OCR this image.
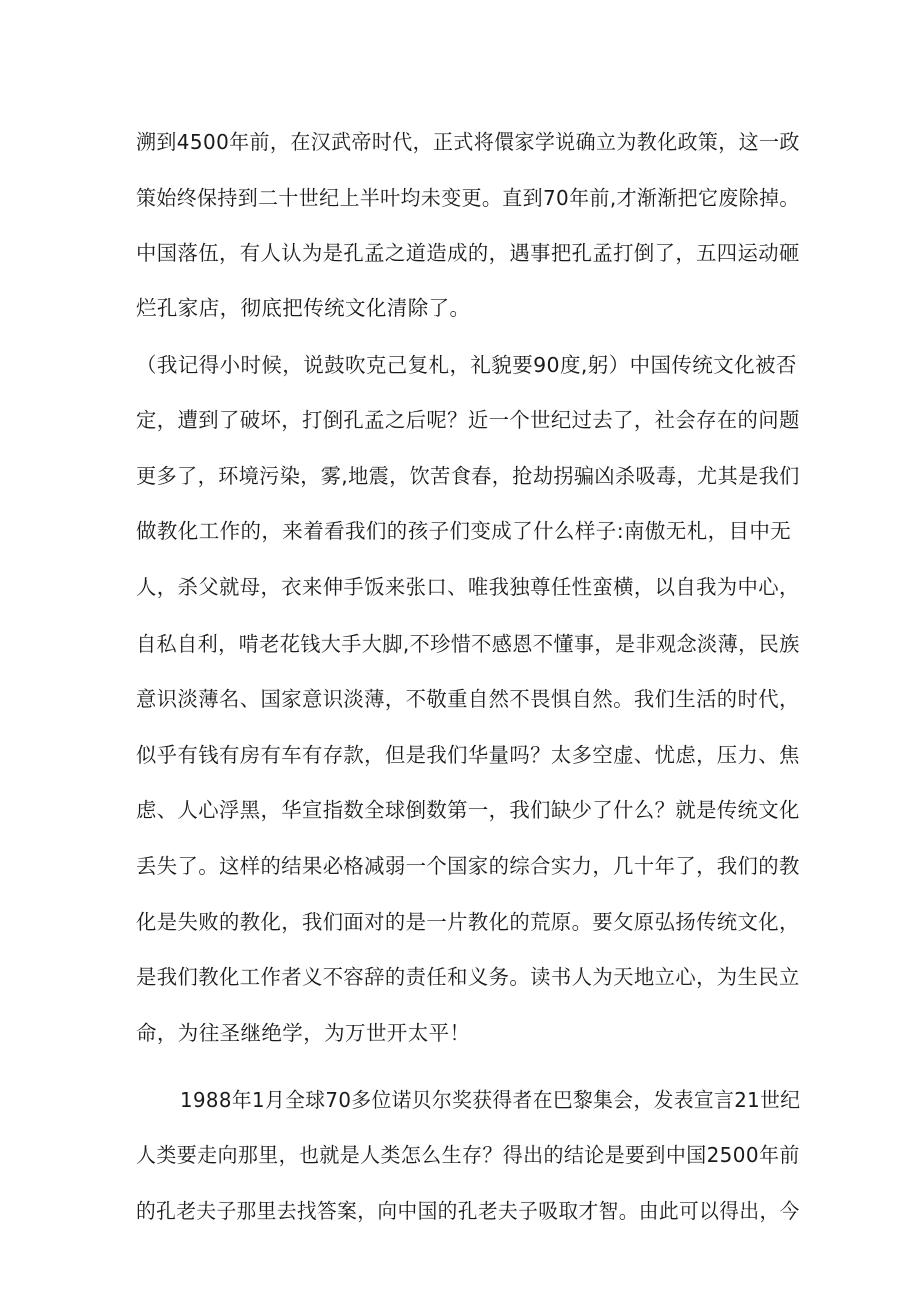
溯到4500年前，在汉武帝时代，正式将儇家学说确立为教化政策，这一政
策始终保持到二十世纪上半叶均未变更。直到70年前,才渐渐把它废除掉。
中国落伍，有人认为是孔孟之道造成的，遇事把孔孟打倒了，五四运动砸
烂孔家店，彻底把传统文化清除了。
（我记得小时候，说鼓吹克己复札，礼貌要90度,躬）中国传统文化被否
定，遭到了破坏，打倒孔孟之后呢？近一个世纪过去了，社会存在的问题
更多了，环境污染，雾,地震，饮苦食春，抢劫拐骗凶杀吸毒，尤其是我们
做教化工作的，来着看我们的孩子们变成了什么样子:南傲无札，目中无
人，杀父就母，衣来伸手饭来张口、唯我独尊任性蛮横，以自我为中心，
自私自利，啃老花钱大手大脚,不珍惜不感恩不懂事，是非观念淡薄，民族
意识淡薄名、国家意识淡薄，不敬重自然不畏惧自然。我们生活的时代，
似乎有钱有房有车有存款，但是我们华量吗？太多空虚、忧虑，压力、焦
虑、人心浮黑，华宣指数全球倒数第一，我们缺少了什么？就是传统文化
丢失了。这样的结果必格减弱一个国家的综合实力，几十年了，我们的教
化是失败的教化，我们面对的是一片教化的荒原。要攵原弘扬传统文化，
是我们教化工作者义不容辞的责任和义务。读书人为天地立心，为生民立
命，为往圣继绝学，为万世开太平！
1988年1月全球70多位诺贝尔奖获得者在巴黎集会，发表宣言21世纪
人类要走向那里，也就是人类怎么生存？得出的结论是要到中国2500年前
的孔老夫子那里去找答案，向中国的孔老夫子吸取才智。由此可以得出，今
